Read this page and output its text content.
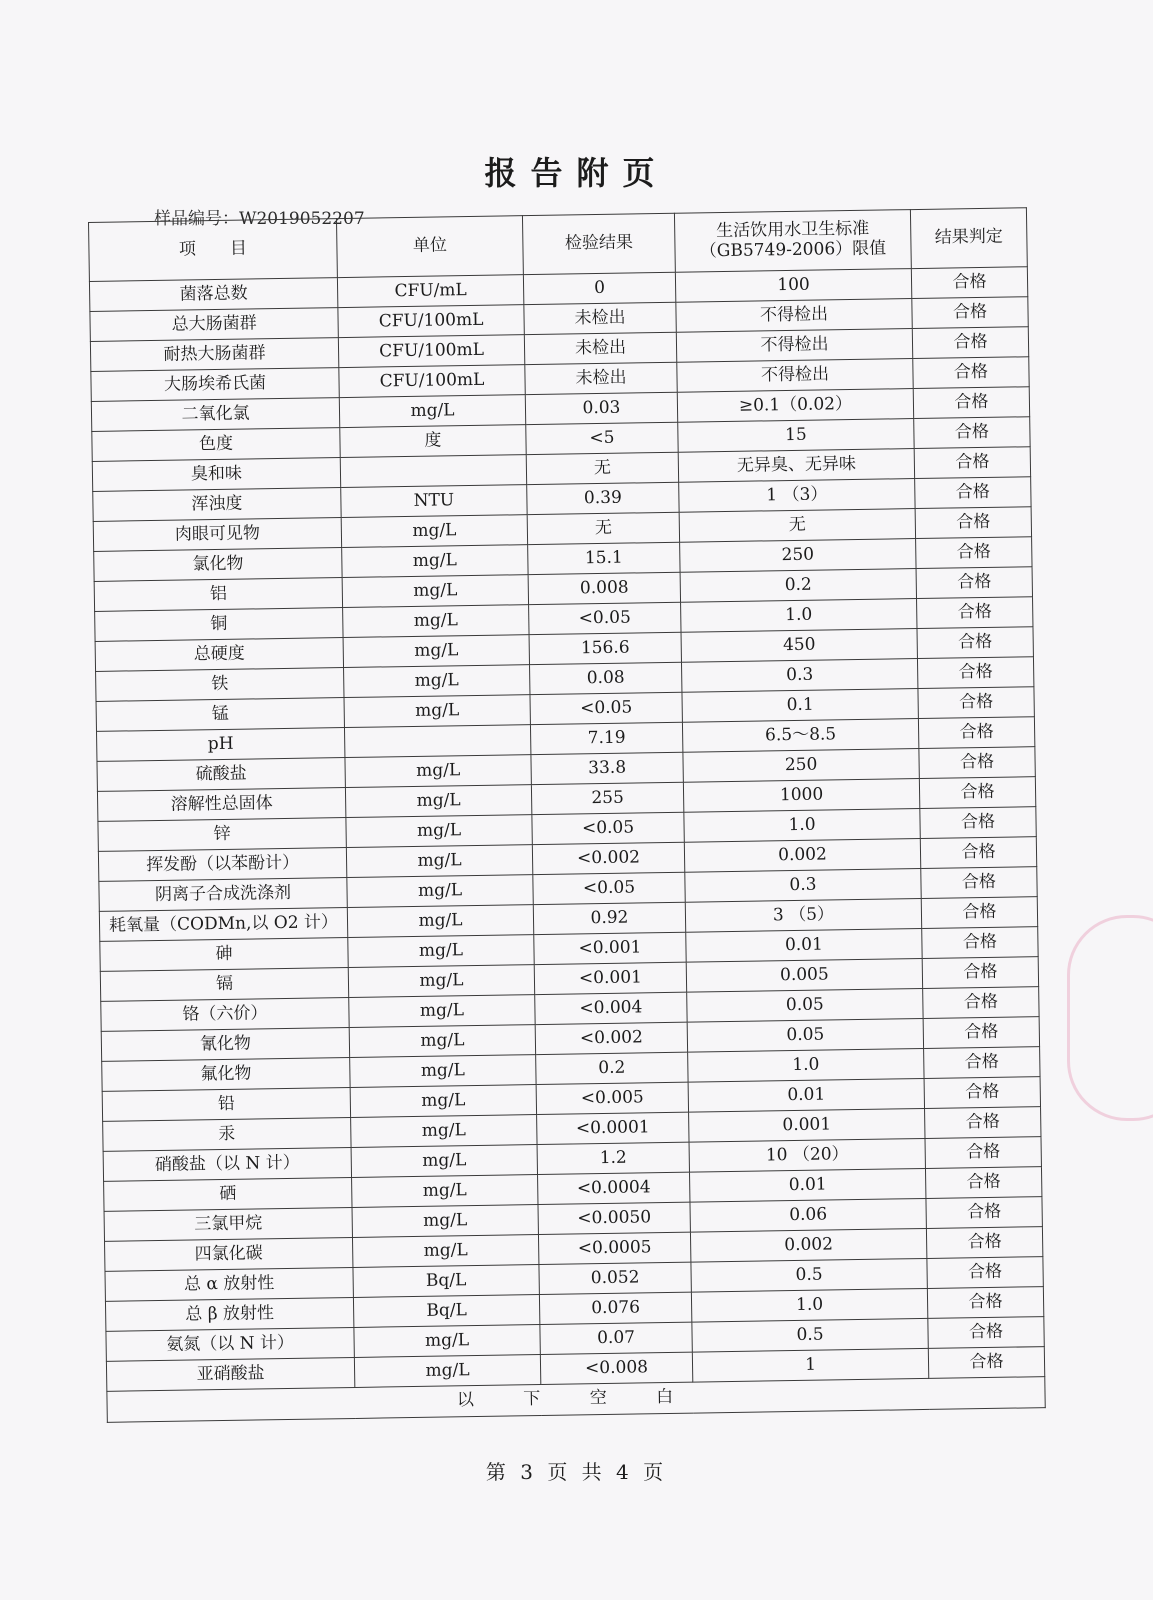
报告附页
样品编号：W2019052207
项　　目	单位	检验结果	生活饮用水卫生标准
（GB5749-2006）限值	结果判定
菌落总数	CFU/mL	0	100	合格
总大肠菌群	CFU/100mL	未检出	不得检出	合格
耐热大肠菌群	CFU/100mL	未检出	不得检出	合格
大肠埃希氏菌	CFU/100mL	未检出	不得检出	合格
二氧化氯	mg/L	0.03	≥0.1（0.02）	合格
色度	度	<5	15	合格
臭和味		无	无异臭、无异味	合格
浑浊度	NTU	0.39	1 （3）	合格
肉眼可见物	mg/L	无	无	合格
氯化物	mg/L	15.1	250	合格
铝	mg/L	0.008	0.2	合格
铜	mg/L	<0.05	1.0	合格
总硬度	mg/L	156.6	450	合格
铁	mg/L	0.08	0.3	合格
锰	mg/L	<0.05	0.1	合格
pH		7.19	6.5～8.5	合格
硫酸盐	mg/L	33.8	250	合格
溶解性总固体	mg/L	255	1000	合格
锌	mg/L	<0.05	1.0	合格
挥发酚（以苯酚计）	mg/L	<0.002	0.002	合格
阴离子合成洗涤剂	mg/L	<0.05	0.3	合格
耗氧量（CODMn,以 O2 计）	mg/L	0.92	3 （5）	合格
砷	mg/L	<0.001	0.01	合格
镉	mg/L	<0.001	0.005	合格
铬（六价）	mg/L	<0.004	0.05	合格
氰化物	mg/L	<0.002	0.05	合格
氟化物	mg/L	0.2	1.0	合格
铅	mg/L	<0.005	0.01	合格
汞	mg/L	<0.0001	0.001	合格
硝酸盐（以 N 计）	mg/L	1.2	10 （20）	合格
硒	mg/L	<0.0004	0.01	合格
三氯甲烷	mg/L	<0.0050	0.06	合格
四氯化碳	mg/L	<0.0005	0.002	合格
总 α 放射性	Bq/L	0.052	0.5	合格
总 β 放射性	Bq/L	0.076	1.0	合格
氨氮（以 N 计）	mg/L	0.07	0.5	合格
亚硝酸盐	mg/L	<0.008	1	合格
以 下 空 白				
第 3 页 共 4 页
